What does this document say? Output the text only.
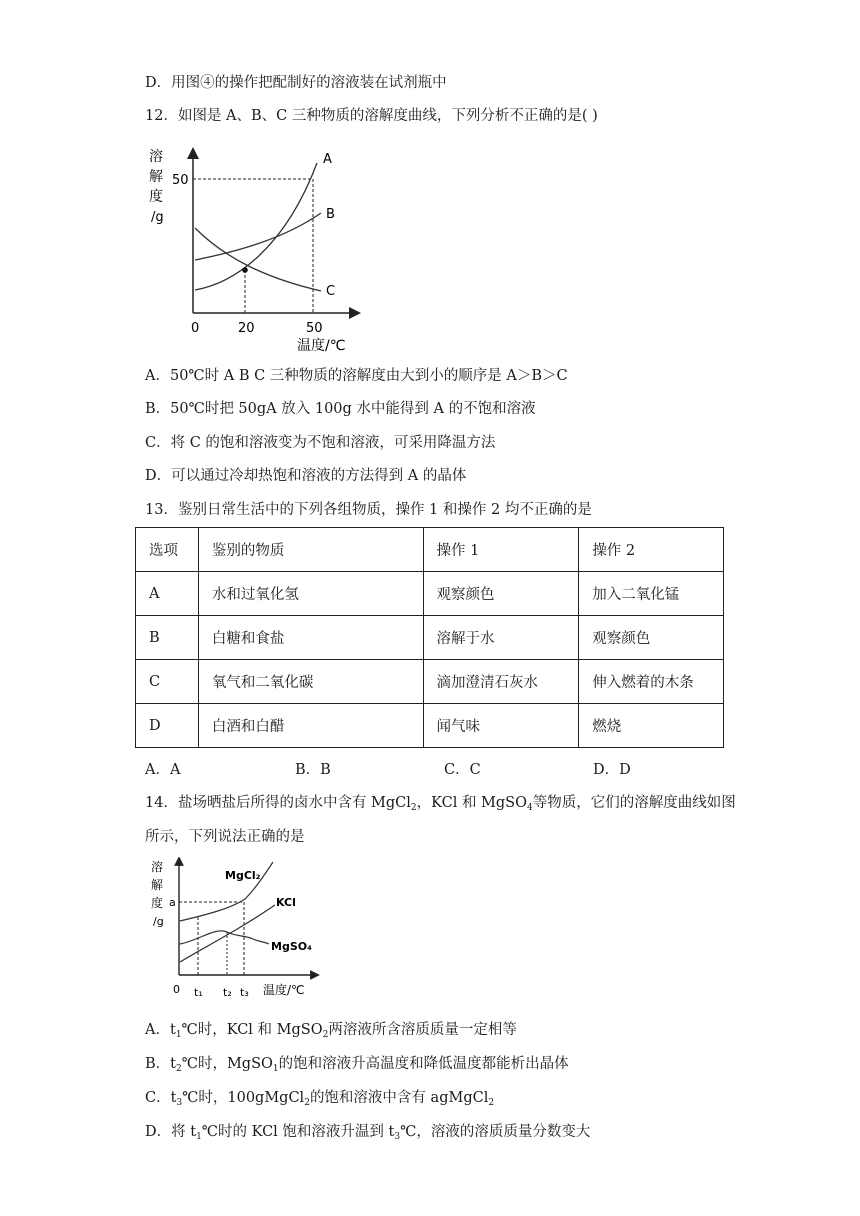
D．用图④的操作把配制好的溶液装在试剂瓶中
12．如图是 A、B、C 三种物质的溶解度曲线，下列分析不正确的是( )
溶
解
度
/g
50
0	20	50
温度/℃
A
B
C
A．50℃时 A B C 三种物质的溶解度由大到小的顺序是 A＞B＞C
B．50℃时把 50gA 放入 100g 水中能得到 A 的不饱和溶液
C．将 C 的饱和溶液变为不饱和溶液，可采用降温方法
D．可以通过冷却热饱和溶液的方法得到 A 的晶体
13．鉴别日常生活中的下列各组物质，操作 1 和操作 2 均不正确的是
选项	鉴别的物质	操作 1	操作 2
A	水和过氧化氢	观察颜色	加入二氧化锰
B	白糖和食盐	溶解于水	观察颜色
C	氧气和二氧化碳	滴加澄清石灰水	伸入燃着的木条
D	白酒和白醋	闻气味	燃烧
A．A	B．B	C．C	D．D
14．盐场晒盐后所得的卤水中含有 MgCl$_2$，KCl 和 MgSO$_4$等物质，它们的溶解度曲线如图
所示，下列说法正确的是
溶
解
度
/g
a
0 t₁ t₂ t₃ 温度/℃
MgCl₂
KCl
MgSO₄
A．$t_1℃$时，KCl 和 MgSO$_2$两溶液所含溶质质量一定相等
B．$t_2℃$时，MgSO$_1$的饱和溶液升高温度和降低温度都能析出晶体
C．$t_3℃$时，100gMgCl$_2$的饱和溶液中含有 agMgCl$_2$
D．将 $t_1℃$时的 KCl 饱和溶液升温到 $t_3℃$，溶液的溶质质量分数变大
